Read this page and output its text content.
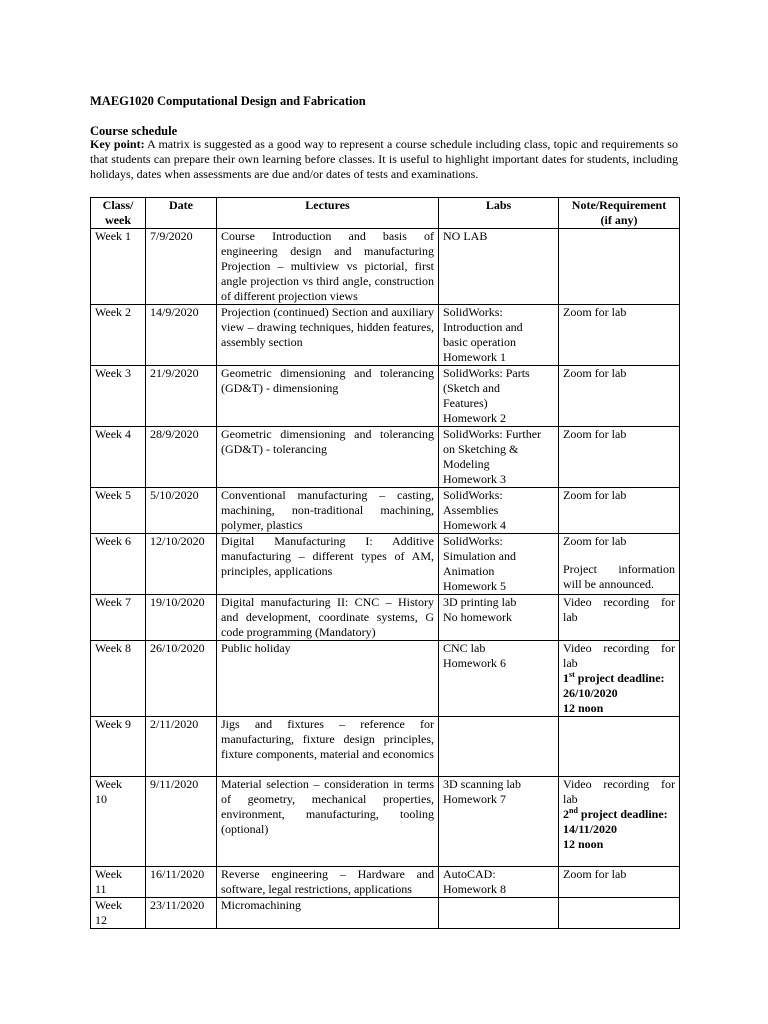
MAEG1020 Computational Design and Fabrication
Course schedule
Key point: A matrix is suggested as a good way to represent a course schedule including class, topic and requirements so that students can prepare their own learning before classes. It is useful to highlight important dates for students, including holidays, dates when assessments are due and/or dates of tests and examinations.
Class/
week	Date	Lectures	Labs	Note/Requirement
(if any)

Week 1	7/9/2020	Course Introduction and basis of engineering design and manufacturing Projection – multiview vs pictorial, first angle projection vs third angle, construction of different projection views	NO LAB	

Week 2	14/9/2020	Projection (continued) Section and auxiliary view – drawing techniques, hidden features, assembly section	SolidWorks:
Introduction and
basic operation
Homework 1	Zoom for lab

Week 3	21/9/2020	Geometric dimensioning and tolerancing (GD&T) - dimensioning	SolidWorks: Parts
(Sketch and
Features)
Homework 2	Zoom for lab

Week 4	28/9/2020	Geometric dimensioning and tolerancing (GD&T) - tolerancing	SolidWorks: Further
on Sketching &
Modeling
Homework 3	Zoom for lab

Week 5	5/10/2020	Conventional manufacturing – casting, machining, non-traditional machining, polymer, plastics	SolidWorks:
Assemblies
Homework 4	Zoom for lab

Week 6	12/10/2020	Digital Manufacturing I: Additive manufacturing – different types of AM, principles, applications	SolidWorks:
Simulation and
Animation
Homework 5	Zoom for lab
Project information will be announced.

Week 7	19/10/2020	Digital manufacturing II: CNC – History and development, coordinate systems, G code programming (Mandatory)	3D printing lab
No homework	Video recording for lab

Week 8	26/10/2020	Public holiday	CNC lab
Homework 6	Video recording for lab
1st project deadline:
26/10/2020
12 noon

Week 9	2/11/2020	Jigs and fixtures – reference for manufacturing, fixture design principles, fixture components, material and economics		

Week
10	9/11/2020	Material selection – consideration in terms of geometry, mechanical properties, environment, manufacturing, tooling (optional)	3D scanning lab
Homework 7	Video recording for lab
2nd project deadline:
14/11/2020
12 noon

Week
11	16/11/2020	Reverse engineering – Hardware and software, legal restrictions, applications	AutoCAD:
Homework 8	Zoom for lab

Week
12	23/11/2020	Micromachining		
